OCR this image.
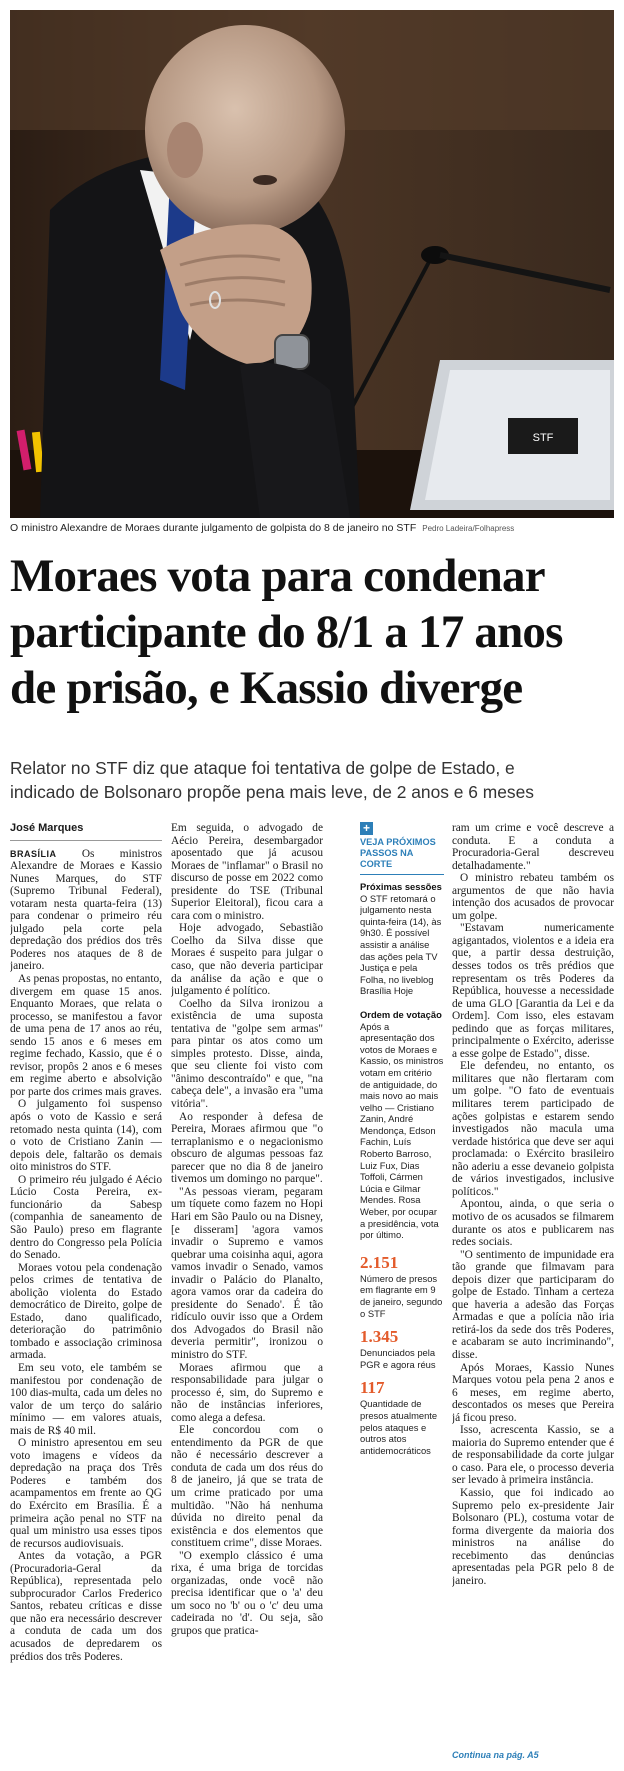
STF
O ministro Alexandre de Moraes durante julgamento de golpista do 8 de janeiro no STF Pedro Ladeira/Folhapress
Moraes vota para condenar
participante do 8/1 a 17 anos
de prisão, e Kassio diverge
Relator no STF diz que ataque foi tentativa de golpe de Estado, e
indicado de Bolsonaro propõe pena mais leve, de 2 anos e 6 meses
José Marques

BRASÍLIA Os ministros Alexandre de Moraes e Kassio Nunes Marques, do STF (Supremo Tribunal Federal), votaram nesta quarta-feira (13) para condenar o primeiro réu julgado pela corte pela depredação dos prédios dos três Poderes nos ataques de 8 de janeiro.

As penas propostas, no entanto, divergem em quase 15 anos. Enquanto Moraes, que relata o processo, se manifestou a favor de uma pena de 17 anos ao réu, sendo 15 anos e 6 meses em regime fechado, Kassio, que é o revisor, propôs 2 anos e 6 meses em regime aberto e absolvição por parte dos crimes mais graves.

O julgamento foi suspenso após o voto de Kassio e será retomado nesta quinta (14), com o voto de Cristiano Zanin — depois dele, faltarão os demais oito ministros do STF.

O primeiro réu julgado é Aécio Lúcio Costa Pereira, ex-funcionário da Sabesp (companhia de saneamento de São Paulo) preso em flagrante dentro do Congresso pela Polícia do Senado.

Moraes votou pela condenação pelos crimes de tentativa de abolição violenta do Estado democrático de Direito, golpe de Estado, dano qualificado, deterioração do patrimônio tombado e associação criminosa armada.

Em seu voto, ele também se manifestou por condenação de 100 dias-multa, cada um deles no valor de um terço do salário mínimo — em valores atuais, mais de R$ 40 mil.

O ministro apresentou em seu voto imagens e vídeos da depredação na praça dos Três Poderes e também dos acampamentos em frente ao QG do Exército em Brasília. É a primeira ação penal no STF na qual um ministro usa esses tipos de recursos audiovisuais.

Antes da votação, a PGR (Procuradoria-Geral da República), representada pelo subprocurador Carlos Frederico Santos, rebateu críticas e disse que não era necessário descrever a conduta de cada um dos acusados de depredarem os prédios dos três Poderes.

Em seguida, o advogado de Aécio Pereira, desembargador aposentado que já acusou Moraes de "inflamar" o Brasil no discurso de posse em 2022 como presidente do TSE (Tribunal Superior Eleitoral), ficou cara a cara com o ministro.

Hoje advogado, Sebastião Coelho da Silva disse que Moraes é suspeito para julgar o caso, que não deveria participar da análise da ação e que o julgamento é político.

Coelho da Silva ironizou a existência de uma suposta tentativa de "golpe sem armas" para pintar os atos como um simples protesto. Disse, ainda, que seu cliente foi visto com "ânimo descontraído" e que, "na cabeça dele", a invasão era "uma vitória".

Ao responder à defesa de Pereira, Moraes afirmou que "o terraplanismo e o negacionismo obscuro de algumas pessoas faz parecer que no dia 8 de janeiro tivemos um domingo no parque".

"As pessoas vieram, pegaram um tíquete como fazem no Hopi Hari em São Paulo ou na Disney, [e disseram] 'agora vamos invadir o Supremo e vamos quebrar uma coisinha aqui, agora vamos invadir o Senado, vamos invadir o Palácio do Planalto, agora vamos orar da cadeira do presidente do Senado'. É tão ridículo ouvir isso que a Ordem dos Advogados do Brasil não deveria permitir", ironizou o ministro do STF.

Moraes afirmou que a responsabilidade para julgar o processo é, sim, do Supremo e não de instâncias inferiores, como alega a defesa.

Ele concordou com o entendimento da PGR de que não é necessário descrever a conduta de cada um dos réus do 8 de janeiro, já que se trata de um crime praticado por uma multidão. "Não há nenhuma dúvida no direito penal da existência e dos elementos que constituem crime", disse Moraes.

"O exemplo clássico é uma rixa, é uma briga de torcidas organizadas, onde você não precisa identificar que o 'a' deu um soco no 'b' ou o 'c' deu uma cadeirada no 'd'. Ou seja, são grupos que pratica-

+
VEJA PRÓXIMOS PASSOS NA CORTE
Próximas sessões O STF retomará o julgamento nesta quinta-feira (14), às 9h30. É possível assistir a análise das ações pela TV Justiça e pela Folha, no liveblog Brasília Hoje
Ordem de votação Após a apresentação dos votos de Moraes e Kassio, os ministros votam em critério de antiguidade, do mais novo ao mais velho — Cristiano Zanin, André Mendonça, Edson Fachin, Luís Roberto Barroso, Luiz Fux, Dias Toffoli, Cármen Lúcia e Gilmar Mendes. Rosa Weber, por ocupar a presidência, vota por último.
2.151
Número de presos em flagrante em 9 de janeiro, segundo o STF
1.345
Denunciados pela PGR e agora réus
117
Quantidade de presos atualmente pelos ataques e outros atos antidemocráticos

ram um crime e você descreve a conduta. E a conduta a Procuradoria-Geral descreveu detalhadamente."

O ministro rebateu também os argumentos de que não havia intenção dos acusados de provocar um golpe.

"Estavam numericamente agigantados, violentos e a ideia era que, a partir dessa destruição, desses todos os três prédios que representam os três Poderes da República, houvesse a necessidade de uma GLO [Garantia da Lei e da Ordem]. Com isso, eles estavam pedindo que as forças militares, principalmente o Exército, aderisse a esse golpe de Estado", disse.

Ele defendeu, no entanto, os militares que não flertaram com um golpe. "O fato de eventuais militares terem participado de ações golpistas e estarem sendo investigados não macula uma verdade histórica que deve ser aqui proclamada: o Exército brasileiro não aderiu a esse devaneio golpista de vários investigados, inclusive políticos."

Apontou, ainda, o que seria o motivo de os acusados se filmarem durante os atos e publicarem nas redes sociais.

"O sentimento de impunidade era tão grande que filmavam para depois dizer que participaram do golpe de Estado. Tinham a certeza que haveria a adesão das Forças Armadas e que a polícia não iria retirá-los da sede dos três Poderes, e acabaram se auto incriminando", disse.

Após Moraes, Kassio Nunes Marques votou pela pena 2 anos e 6 meses, em regime aberto, descontados os meses que Pereira já ficou preso.

Isso, acrescenta Kassio, se a maioria do Supremo entender que é de responsabilidade da corte julgar o caso. Para ele, o processo deveria ser levado à primeira instância.

Kassio, que foi indicado ao Supremo pelo ex-presidente Jair Bolsonaro (PL), costuma votar de forma divergente da maioria dos ministros na análise do recebimento das denúncias apresentadas pela PGR pelo 8 de janeiro.

Continua na pág. A5
